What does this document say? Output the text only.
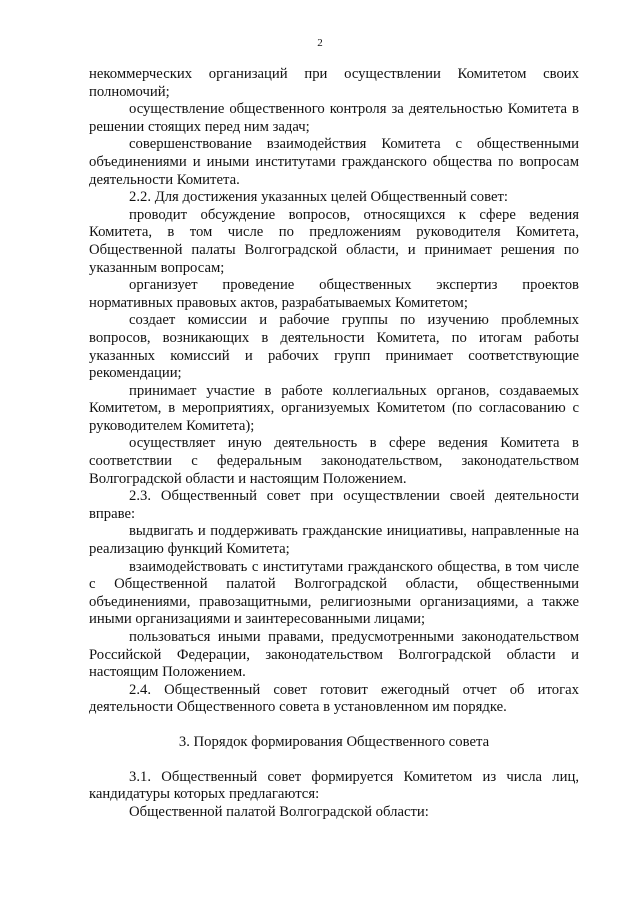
2

некоммерческих организаций при осуществлении Комитетом своих полномочий;

осуществление общественного контроля за деятельностью Комитета в решении стоящих перед ним задач;

совершенствование взаимодействия Комитета с общественными объединениями и иными институтами гражданского общества по вопросам деятельности Комитета.

2.2. Для достижения указанных целей Общественный совет:

проводит обсуждение вопросов, относящихся к сфере ведения Комитета, в том числе по предложениям руководителя Комитета, Общественной палаты Волгоградской области, и принимает решения по указанным вопросам;

организует проведение общественных экспертиз проектов нормативных правовых актов, разрабатываемых Комитетом;

создает комиссии и рабочие группы по изучению проблемных вопросов, возникающих в деятельности Комитета, по итогам работы указанных комиссий и рабочих групп принимает соответствующие рекомендации;

принимает участие в работе коллегиальных органов, создаваемых Комитетом, в мероприятиях, организуемых Комитетом (по согласованию с руководителем Комитета);

осуществляет иную деятельность в сфере ведения Комитета в соответствии с федеральным законодательством, законодательством Волгоградской области и настоящим Положением.

2.3. Общественный совет при осуществлении своей деятельности вправе:

выдвигать и поддерживать гражданские инициативы, направленные на реализацию функций Комитета;

взаимодействовать с институтами гражданского общества, в том числе с Общественной палатой Волгоградской области, общественными объединениями, правозащитными, религиозными организациями, а также иными организациями и заинтересованными лицами;

пользоваться иными правами, предусмотренными законодательством Российской Федерации, законодательством Волгоградской области и настоящим Положением.

2.4. Общественный совет готовит ежегодный отчет об итогах деятельности Общественного совета в установленном им порядке.

3. Порядок формирования Общественного совета

3.1. Общественный совет формируется Комитетом из числа лиц, кандидатуры которых предлагаются:

Общественной палатой Волгоградской области:
